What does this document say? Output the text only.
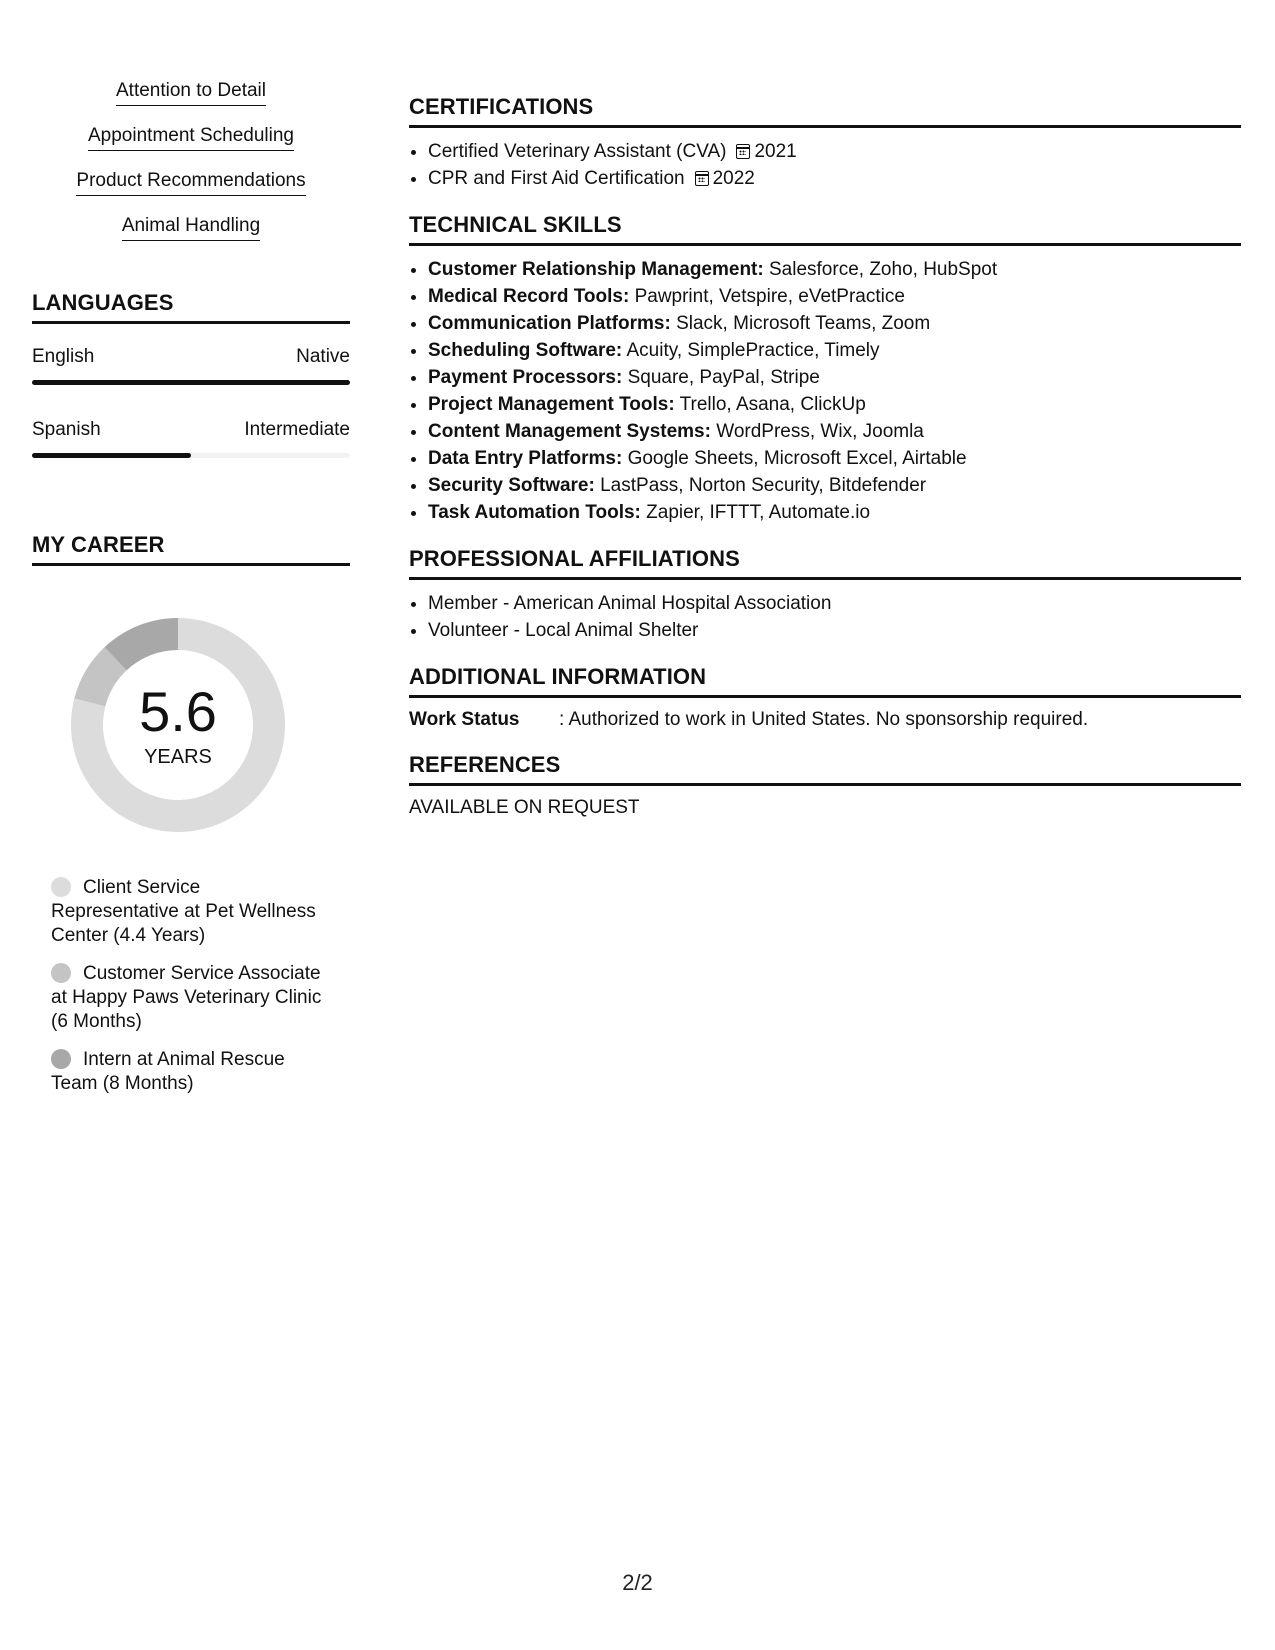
Attention to Detail
Appointment Scheduling
Product Recommendations
Animal Handling
LANGUAGES
English	Native
Spanish	Intermediate
MY CAREER
5.6
YEARS
Client Service Representative at Pet Wellness Center (4.4 Years)
Customer Service Associate at Happy Paws Veterinary Clinic (6 Months)
Intern at Animal Rescue Team (8 Months)
CERTIFICATIONS
• Certified Veterinary Assistant (CVA) 2021
• CPR and First Aid Certification 2022
TECHNICAL SKILLS
• Customer Relationship Management: Salesforce, Zoho, HubSpot
• Medical Record Tools: Pawprint, Vetspire, eVetPractice
• Communication Platforms: Slack, Microsoft Teams, Zoom
• Scheduling Software: Acuity, SimplePractice, Timely
• Payment Processors: Square, PayPal, Stripe
• Project Management Tools: Trello, Asana, ClickUp
• Content Management Systems: WordPress, Wix, Joomla
• Data Entry Platforms: Google Sheets, Microsoft Excel, Airtable
• Security Software: LastPass, Norton Security, Bitdefender
• Task Automation Tools: Zapier, IFTTT, Automate.io
PROFESSIONAL AFFILIATIONS
• Member - American Animal Hospital Association
• Volunteer - Local Animal Shelter
ADDITIONAL INFORMATION
Work Status	: Authorized to work in United States. No sponsorship required.
REFERENCES
AVAILABLE ON REQUEST
2/2
